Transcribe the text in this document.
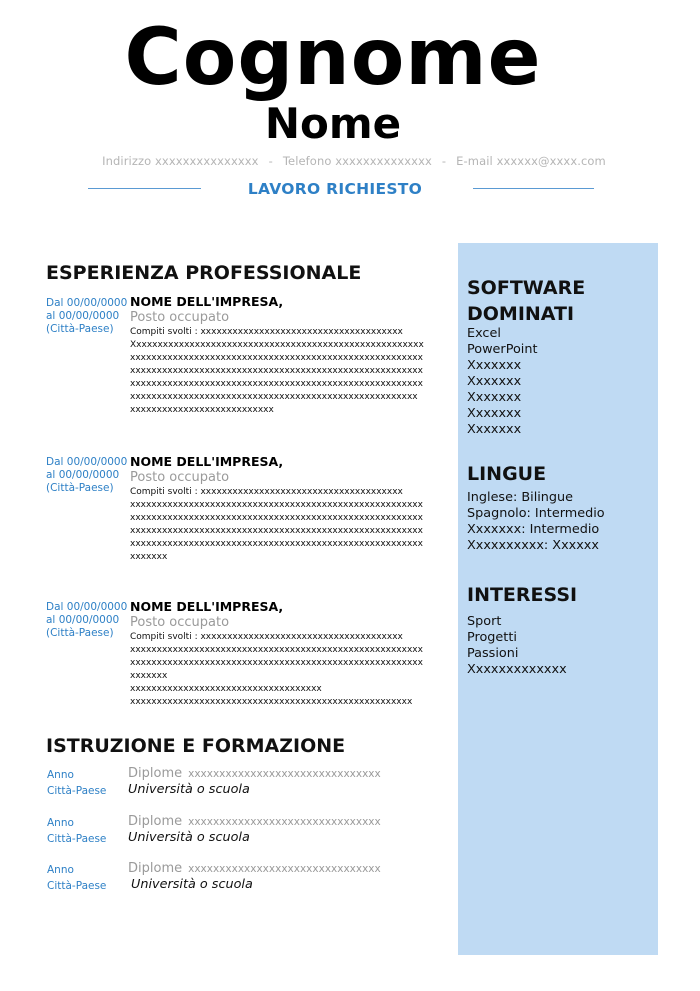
Cognome
Nome
Indirizzo xxxxxxxxxxxxxxx - Telefono xxxxxxxxxxxxxx - E-mail xxxxxx@xxxx.com
LAVORO RICHIESTO
SOFTWARE
DOMINATI
Excel
PowerPoint
Xxxxxxx
Xxxxxxx
Xxxxxxx
Xxxxxxx
Xxxxxxx
LINGUE
Inglese: Bilingue
Spagnolo: Intermedio
Xxxxxxx: Intermedio
Xxxxxxxxxx: Xxxxxx
INTERESSI
Sport
Progetti
Passioni
Xxxxxxxxxxxxx
ESPERIENZA PROFESSIONALE
Dal 00/00/0000
al 00/00/0000
(Città-Paese)
NOME DELL'IMPRESA,
Posto occupato
Compiti svolti : xxxxxxxxxxxxxxxxxxxxxxxxxxxxxxxxxxxxxx
Xxxxxxxxxxxxxxxxxxxxxxxxxxxxxxxxxxxxxxxxxxxxxxxxxxxxxxx
xxxxxxxxxxxxxxxxxxxxxxxxxxxxxxxxxxxxxxxxxxxxxxxxxxxxxxx
xxxxxxxxxxxxxxxxxxxxxxxxxxxxxxxxxxxxxxxxxxxxxxxxxxxxxxx
xxxxxxxxxxxxxxxxxxxxxxxxxxxxxxxxxxxxxxxxxxxxxxxxxxxxxxx
xxxxxxxxxxxxxxxxxxxxxxxxxxxxxxxxxxxxxxxxxxxxxxxxxxxxxx
xxxxxxxxxxxxxxxxxxxxxxxxxxx
Dal 00/00/0000
al 00/00/0000
(Città-Paese)
NOME DELL'IMPRESA,
Posto occupato
Compiti svolti : xxxxxxxxxxxxxxxxxxxxxxxxxxxxxxxxxxxxxx
xxxxxxxxxxxxxxxxxxxxxxxxxxxxxxxxxxxxxxxxxxxxxxxxxxxxxxx
xxxxxxxxxxxxxxxxxxxxxxxxxxxxxxxxxxxxxxxxxxxxxxxxxxxxxxx
xxxxxxxxxxxxxxxxxxxxxxxxxxxxxxxxxxxxxxxxxxxxxxxxxxxxxxx
xxxxxxxxxxxxxxxxxxxxxxxxxxxxxxxxxxxxxxxxxxxxxxxxxxxxxxx
xxxxxxx
Dal 00/00/0000
al 00/00/0000
(Città-Paese)
NOME DELL'IMPRESA,
Posto occupato
Compiti svolti : xxxxxxxxxxxxxxxxxxxxxxxxxxxxxxxxxxxxxx
xxxxxxxxxxxxxxxxxxxxxxxxxxxxxxxxxxxxxxxxxxxxxxxxxxxxxxx
xxxxxxxxxxxxxxxxxxxxxxxxxxxxxxxxxxxxxxxxxxxxxxxxxxxxxxx
xxxxxxx
xxxxxxxxxxxxxxxxxxxxxxxxxxxxxxxxxxxx
xxxxxxxxxxxxxxxxxxxxxxxxxxxxxxxxxxxxxxxxxxxxxxxxxxxxx
ISTRUZIONE E FORMAZIONE
Anno
Città-Paese
Diplome xxxxxxxxxxxxxxxxxxxxxxxxxxxxxxx
Università o scuola
Anno
Città-Paese
Diplome xxxxxxxxxxxxxxxxxxxxxxxxxxxxxxx
Università o scuola
Anno
Città-Paese
Diplome xxxxxxxxxxxxxxxxxxxxxxxxxxxxxxx
Università o scuola
